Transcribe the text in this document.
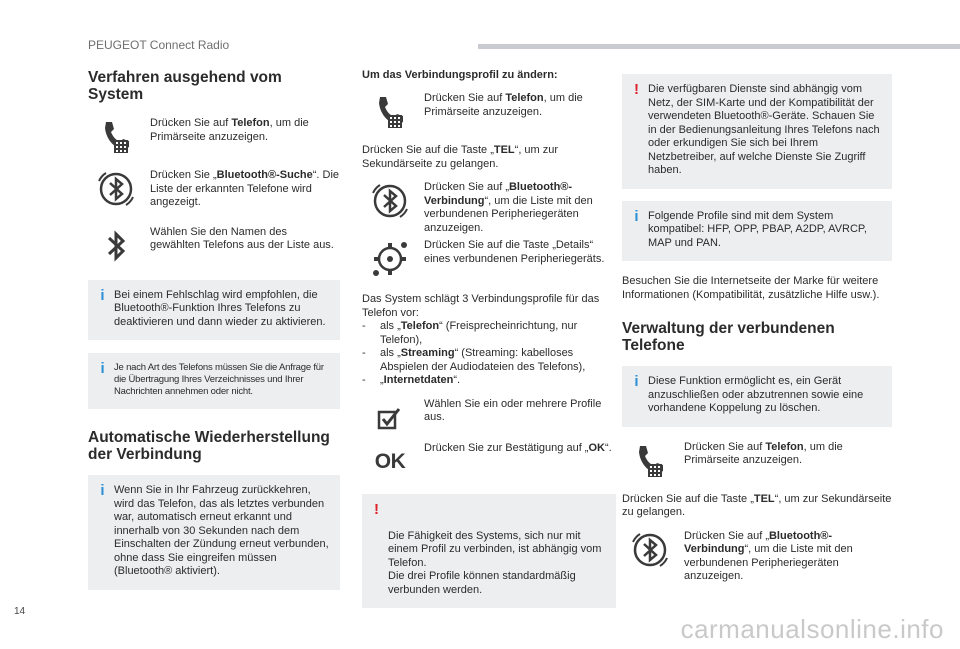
PEUGEOT Connect Radio
Verfahren ausgehend vom System
Drücken Sie auf Telefon, um die Primärseite anzuzeigen.
Drücken Sie „Bluetooth®-Suche“. Die Liste der erkannten Telefone wird angezeigt.
Wählen Sie den Namen des gewählten Telefons aus der Liste aus.
i Bei einem Fehlschlag wird empfohlen, die Bluetooth®-Funktion Ihres Telefons zu deaktivieren und dann wieder zu aktivieren.
i Je nach Art des Telefons müssen Sie die Anfrage für die Übertragung Ihres Verzeichnisses und Ihrer Nachrichten annehmen oder nicht.
Automatische Wiederherstellung der Verbindung
i Wenn Sie in Ihr Fahrzeug zurückkehren, wird das Telefon, das als letztes verbunden war, automatisch erneut erkannt und innerhalb von 30 Sekunden nach dem Einschalten der Zündung erneut verbunden, ohne dass Sie eingreifen müssen (Bluetooth® aktiviert).
Um das Verbindungsprofil zu ändern:
Drücken Sie auf Telefon, um die Primärseite anzuzeigen.

Drücken Sie auf die Taste „TEL“, um zur Sekundärseite zu gelangen.

Drücken Sie auf „Bluetooth®-Verbindung“, um die Liste mit den verbundenen Peripheriegeräten anzuzeigen.
Drücken Sie auf die Taste „Details“ eines verbundenen Peripheriegeräts.

Das System schlägt 3 Verbindungsprofile für das Telefon vor:

-	als „Telefon“ (Freisprecheinrichtung, nur Telefon),
-	als „Streaming“ (Streaming: kabelloses Abspielen der Audiodateien des Telefons),
-	„Internetdaten“.
Wählen Sie ein oder mehrere Profile aus.
OK
Drücken Sie zur Bestätigung auf „OK“.

!

Die Fähigkeit des Systems, sich nur mit einem Profil zu verbinden, ist abhängig vom Telefon.
Die drei Profile können standardmäßig verbunden werden.

! Die verfügbaren Dienste sind abhängig vom Netz, der SIM-Karte und der Kompatibilität der verwendeten Bluetooth®-Geräte. Schauen Sie in der Bedienungsanleitung Ihres Telefons nach oder erkundigen Sie sich bei Ihrem Netzbetreiber, auf welche Dienste Sie Zugriff haben.
i Folgende Profile sind mit dem System kompatibel: HFP, OPP, PBAP, A2DP, AVRCP, MAP und PAN.

Besuchen Sie die Internetseite der Marke für weitere Informationen (Kompatibilität, zusätzliche Hilfe usw.).

Verwaltung der verbundenen Telefone
i Diese Funktion ermöglicht es, ein Gerät anzuschließen oder abzutrennen sowie eine vorhandene Koppelung zu löschen.
Drücken Sie auf Telefon, um die Primärseite anzuzeigen.

Drücken Sie auf die Taste „TEL“, um zur Sekundärseite zu gelangen.

Drücken Sie auf „Bluetooth®-Verbindung“, um die Liste mit den verbundenen Peripheriegeräten anzuzeigen.
14
carmanualsonline.info
